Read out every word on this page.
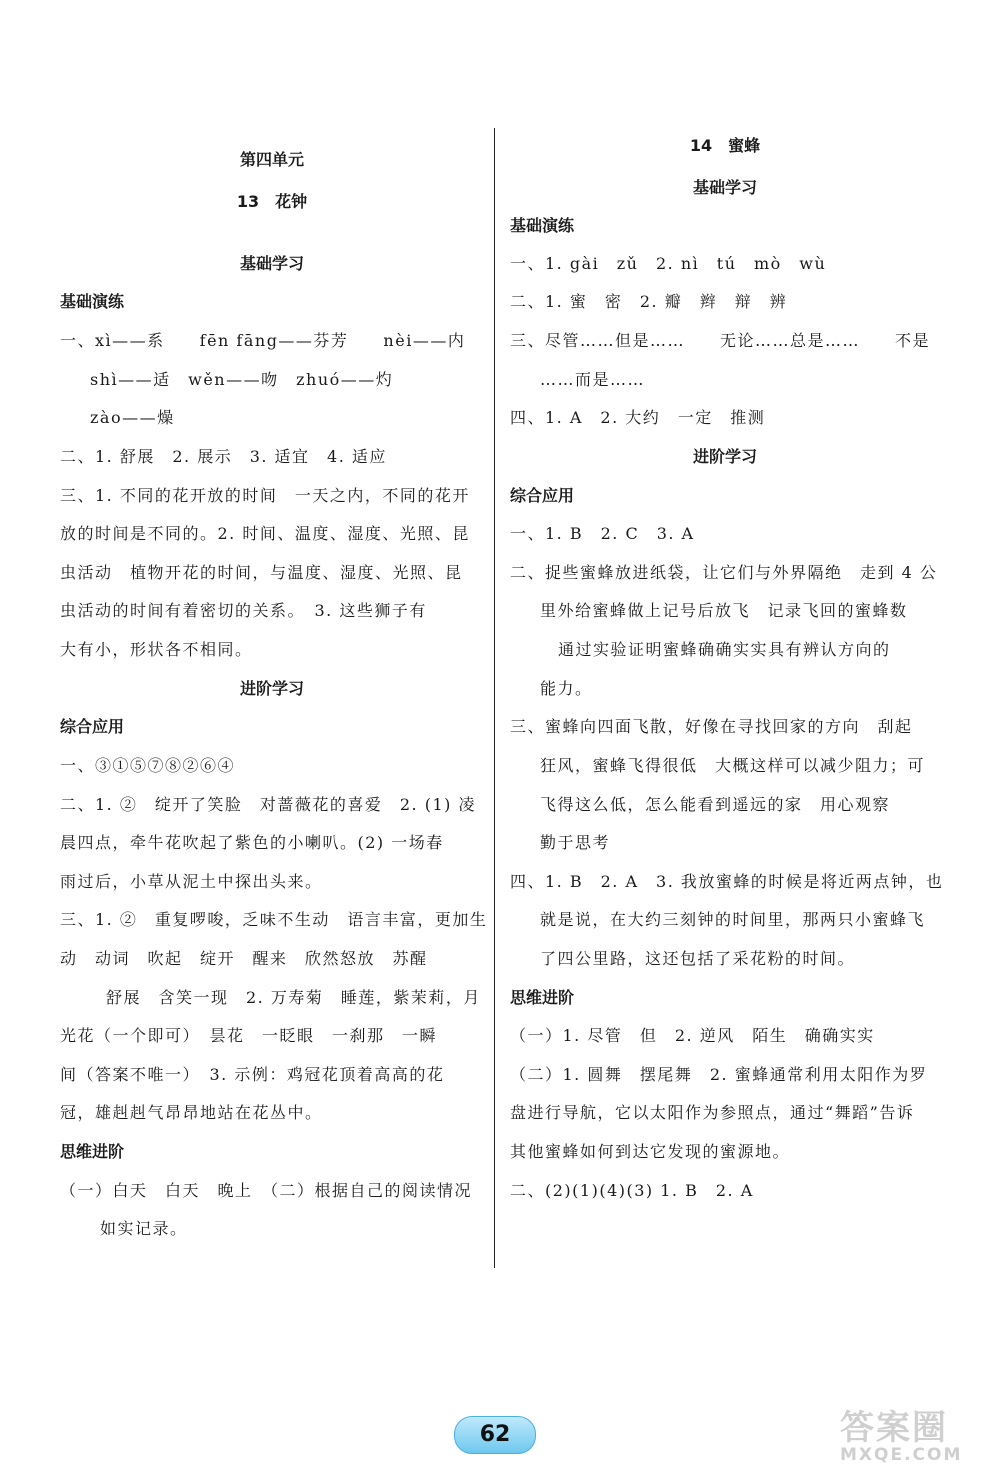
第四单元
13　花钟
基础学习
基础演练
一、xì——系　　fēn fāng——芬芳　　nèi——内
shì——适　wěn——吻　zhuó——灼
zào——燥
二、1. 舒展　2. 展示　3. 适宜　4. 适应
三、1. 不同的花开放的时间　一天之内，不同的花开
放的时间是不同的。2. 时间、温度、湿度、光照、昆
虫活动　植物开花的时间，与温度、湿度、光照、昆
虫活动的时间有着密切的关系。　3. 这些狮子有
大有小，形状各不相同。
进阶学习
综合应用
一、③①⑤⑦⑧②⑥④
二、1. ②　绽开了笑脸　对蔷薇花的喜爱　2. (1) 凌
晨四点，牵牛花吹起了紫色的小喇叭。(2) 一场春
雨过后，小草从泥土中探出头来。
三、1. ②　重复啰唆，乏味不生动　语言丰富，更加生
动　动词　吹起　绽开　醒来　欣然怒放　苏醒
舒展　含笑一现　2. 万寿菊　睡莲，紫茉莉，月
光花（一个即可）　昙花　一眨眼　一刹那　一瞬
间（答案不唯一）　3. 示例：鸡冠花顶着高高的花
冠，雄赳赳气昂昂地站在花丛中。
思维进阶
（一）白天　白天　晚上　（二）根据自己的阅读情况
如实记录。
14　蜜蜂
基础学习
基础演练
一、1. gài　zǔ　2. nì　tú　mò　wù
二、1. 蜜　密　2. 瓣　辫　辩　辨
三、尽管……但是……　　无论……总是……　　不是
……而是……
四、1. A　2. 大约　一定　推测
进阶学习
综合应用
一、1. B　2. C　3. A
二、捉些蜜蜂放进纸袋，让它们与外界隔绝　走到 4 公
里外给蜜蜂做上记号后放飞　记录飞回的蜜蜂数
通过实验证明蜜蜂确确实实具有辨认方向的
能力。
三、蜜蜂向四面飞散，好像在寻找回家的方向　刮起
狂风，蜜蜂飞得很低　大概这样可以减少阻力；可
飞得这么低，怎么能看到遥远的家　用心观察
勤于思考
四、1. B　2. A　3. 我放蜜蜂的时候是将近两点钟，也
就是说，在大约三刻钟的时间里，那两只小蜜蜂飞
了四公里路，这还包括了采花粉的时间。
思维进阶
（一）1. 尽管　但　2. 逆风　陌生　确确实实
（二）1. 圆舞　摆尾舞　2. 蜜蜂通常利用太阳作为罗
盘进行导航，它以太阳作为参照点，通过“舞蹈”告诉
其他蜜蜂如何到达它发现的蜜源地。
二、(2)(1)(4)(3) 1. B　2. A
62	答案圈
MXQE.COM
